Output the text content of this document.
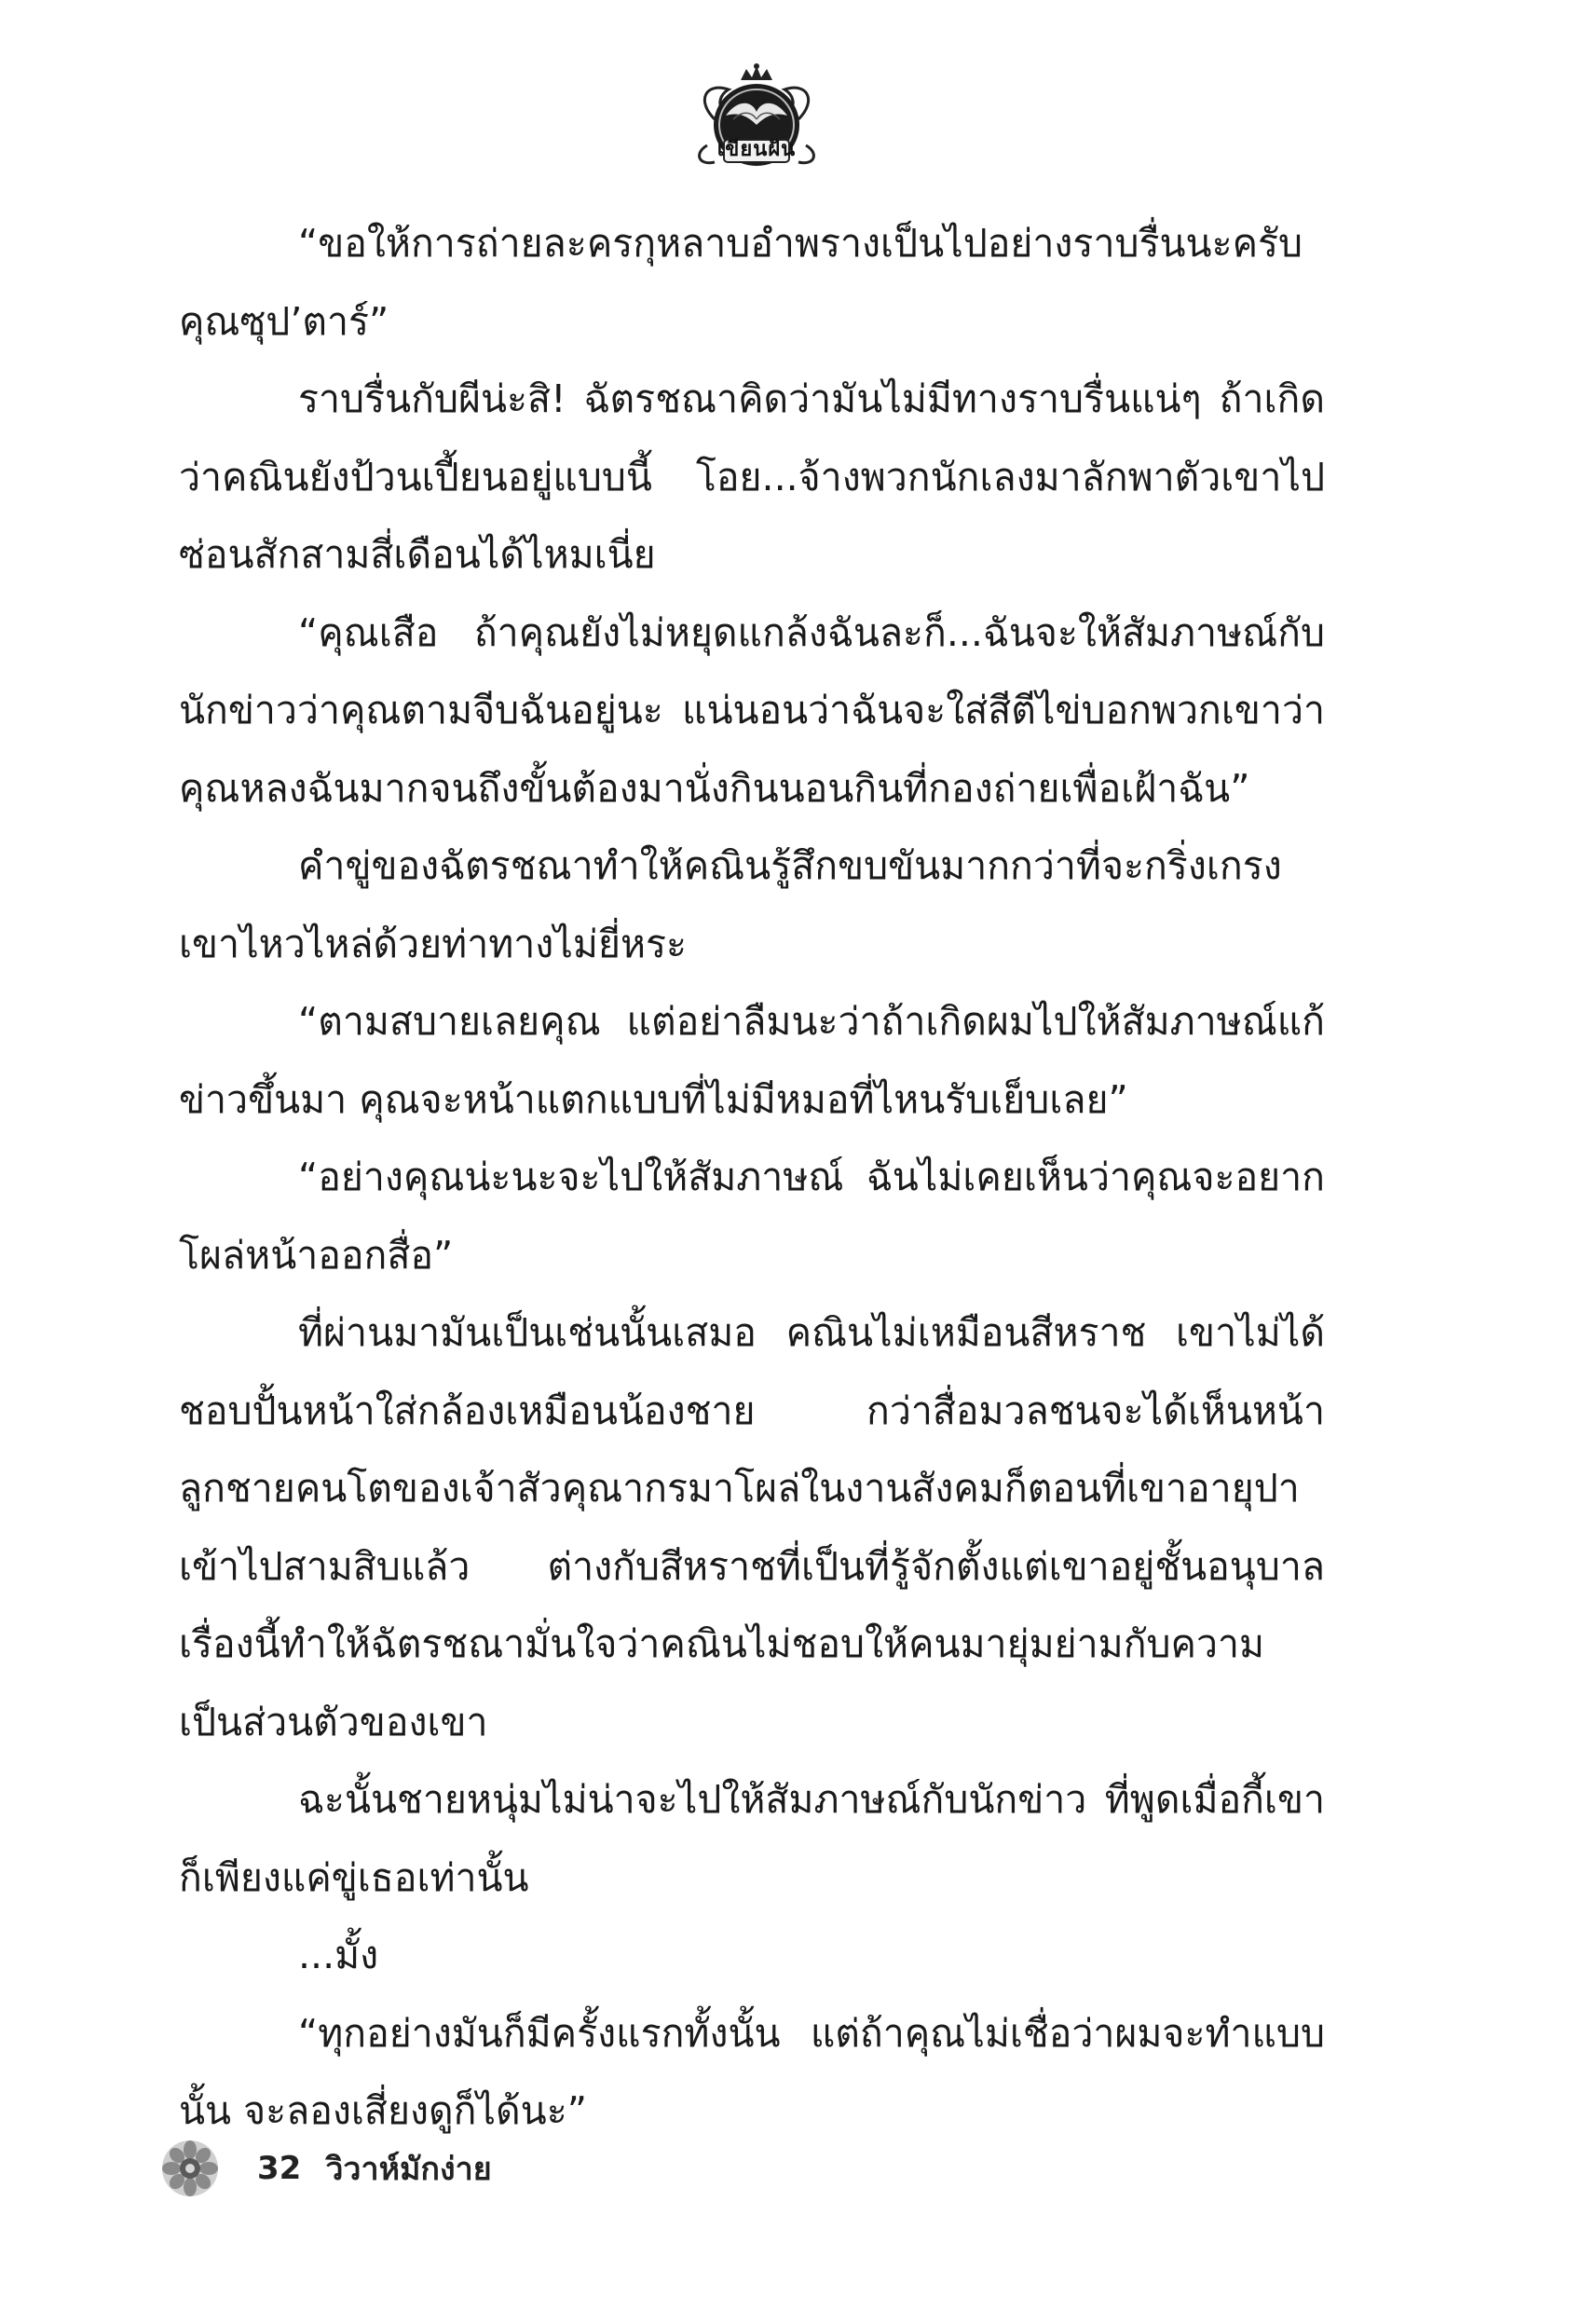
เขียนฝัน

“ขอให้การถ่ายละครกุหลาบอำพรางเป็นไปอย่างราบรื่นนะครับคุณซุป’ตาร์”

ราบรื่นกับผีน่ะสิ! ฉัตรชณาคิดว่ามันไม่มีทางราบรื่นแน่ๆ ถ้าเกิดว่าคณินยังป้วนเปี้ยนอยู่แบบนี้ โอย...จ้างพวกนักเลงมาลักพาตัวเขาไปซ่อนสักสามสี่เดือนได้ไหมเนี่ย

“คุณเสือ ถ้าคุณยังไม่หยุดแกล้งฉันละก็...ฉันจะให้สัมภาษณ์กับนักข่าวว่าคุณตามจีบฉันอยู่นะ แน่นอนว่าฉันจะใส่สีตีไข่บอกพวกเขาว่าคุณหลงฉันมากจนถึงขั้นต้องมานั่งกินนอนกินที่กองถ่ายเพื่อเฝ้าฉัน”

คำขู่ของฉัตรชณาทำให้คณินรู้สึกขบขันมากกว่าที่จะกริ่งเกรง เขาไหวไหล่ด้วยท่าทางไม่ยี่หระ

“ตามสบายเลยคุณ แต่อย่าลืมนะว่าถ้าเกิดผมไปให้สัมภาษณ์แก้ข่าวขึ้นมา คุณจะหน้าแตกแบบที่ไม่มีหมอที่ไหนรับเย็บเลย”

“อย่างคุณน่ะนะจะไปให้สัมภาษณ์ ฉันไม่เคยเห็นว่าคุณจะอยากโผล่หน้าออกสื่อ”

ที่ผ่านมามันเป็นเช่นนั้นเสมอ คณินไม่เหมือนสีหราช เขาไม่ได้ชอบปั้นหน้าใส่กล้องเหมือนน้องชาย กว่าสื่อมวลชนจะได้เห็นหน้าลูกชายคนโตของเจ้าสัวคุณากรมาโผล่ในงานสังคมก็ตอนที่เขาอายุปาเข้าไปสามสิบแล้ว ต่างกับสีหราชที่เป็นที่รู้จักตั้งแต่เขาอยู่ชั้นอนุบาล เรื่องนี้ทำให้ฉัตรชณามั่นใจว่าคณินไม่ชอบให้คนมายุ่มย่ามกับความเป็นส่วนตัวของเขา

ฉะนั้นชายหนุ่มไม่น่าจะไปให้สัมภาษณ์กับนักข่าว ที่พูดเมื่อกี้เขาก็เพียงแค่ขู่เธอเท่านั้น

...มั้ง

“ทุกอย่างมันก็มีครั้งแรกทั้งนั้น แต่ถ้าคุณไม่เชื่อว่าผมจะทำแบบนั้น จะลองเสี่ยงดูก็ได้นะ”

32 วิวาห์มักง่าย
